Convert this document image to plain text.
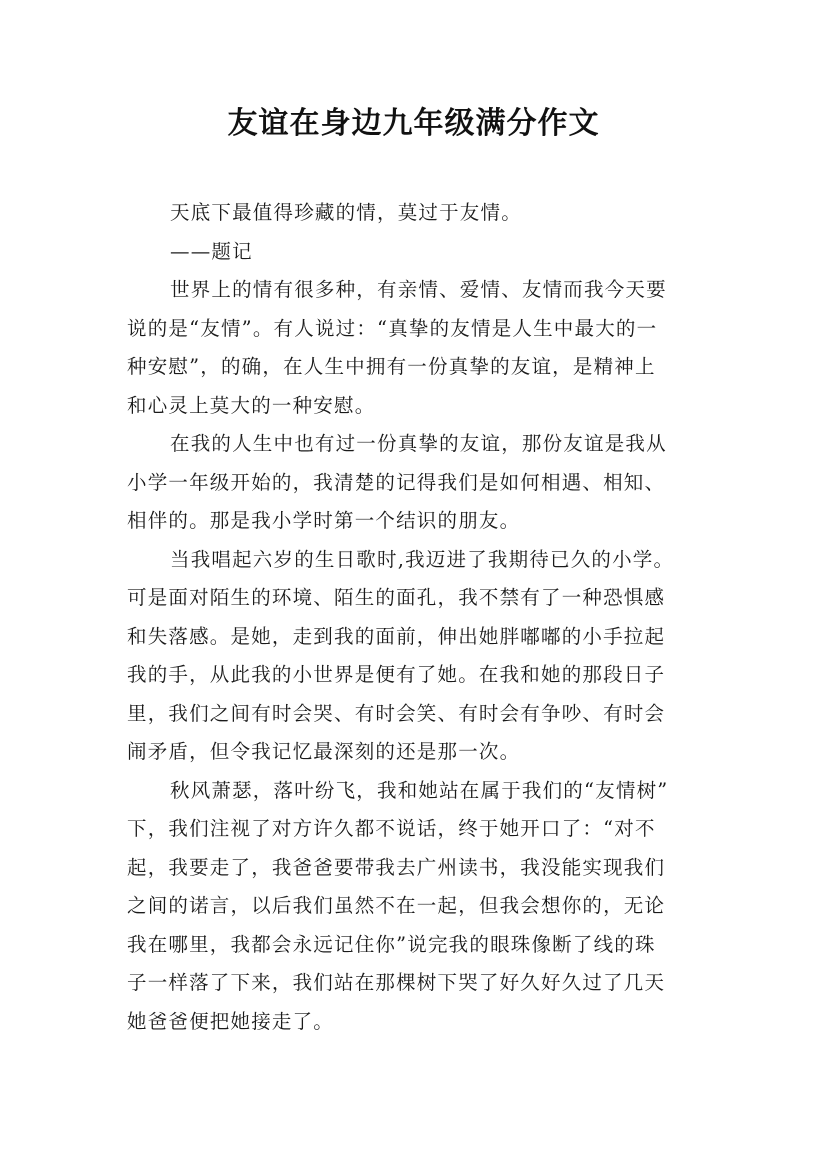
友谊在身边九年级满分作文
天底下最值得珍藏的情，莫过于友情。
——题记
世界上的情有很多种，有亲情、爱情、友情而我今天要
说的是“友情”。有人说过：“真挚的友情是人生中最大的一
种安慰”，的确，在人生中拥有一份真挚的友谊，是精神上
和心灵上莫大的一种安慰。
在我的人生中也有过一份真挚的友谊，那份友谊是我从
小学一年级开始的，我清楚的记得我们是如何相遇、相知、
相伴的。那是我小学时第一个结识的朋友。
当我唱起六岁的生日歌时,我迈进了我期待已久的小学。
可是面对陌生的环境、陌生的面孔，我不禁有了一种恐惧感
和失落感。是她，走到我的面前，伸出她胖嘟嘟的小手拉起
我的手，从此我的小世界是便有了她。在我和她的那段日子
里，我们之间有时会哭、有时会笑、有时会有争吵、有时会
闹矛盾，但令我记忆最深刻的还是那一次。
秋风萧瑟，落叶纷飞，我和她站在属于我们的“友情树”
下，我们注视了对方许久都不说话，终于她开口了：“对不
起，我要走了，我爸爸要带我去广州读书，我没能实现我们
之间的诺言，以后我们虽然不在一起，但我会想你的，无论
我在哪里，我都会永远记住你”说完我的眼珠像断了线的珠
子一样落了下来，我们站在那棵树下哭了好久好久过了几天
她爸爸便把她接走了。
